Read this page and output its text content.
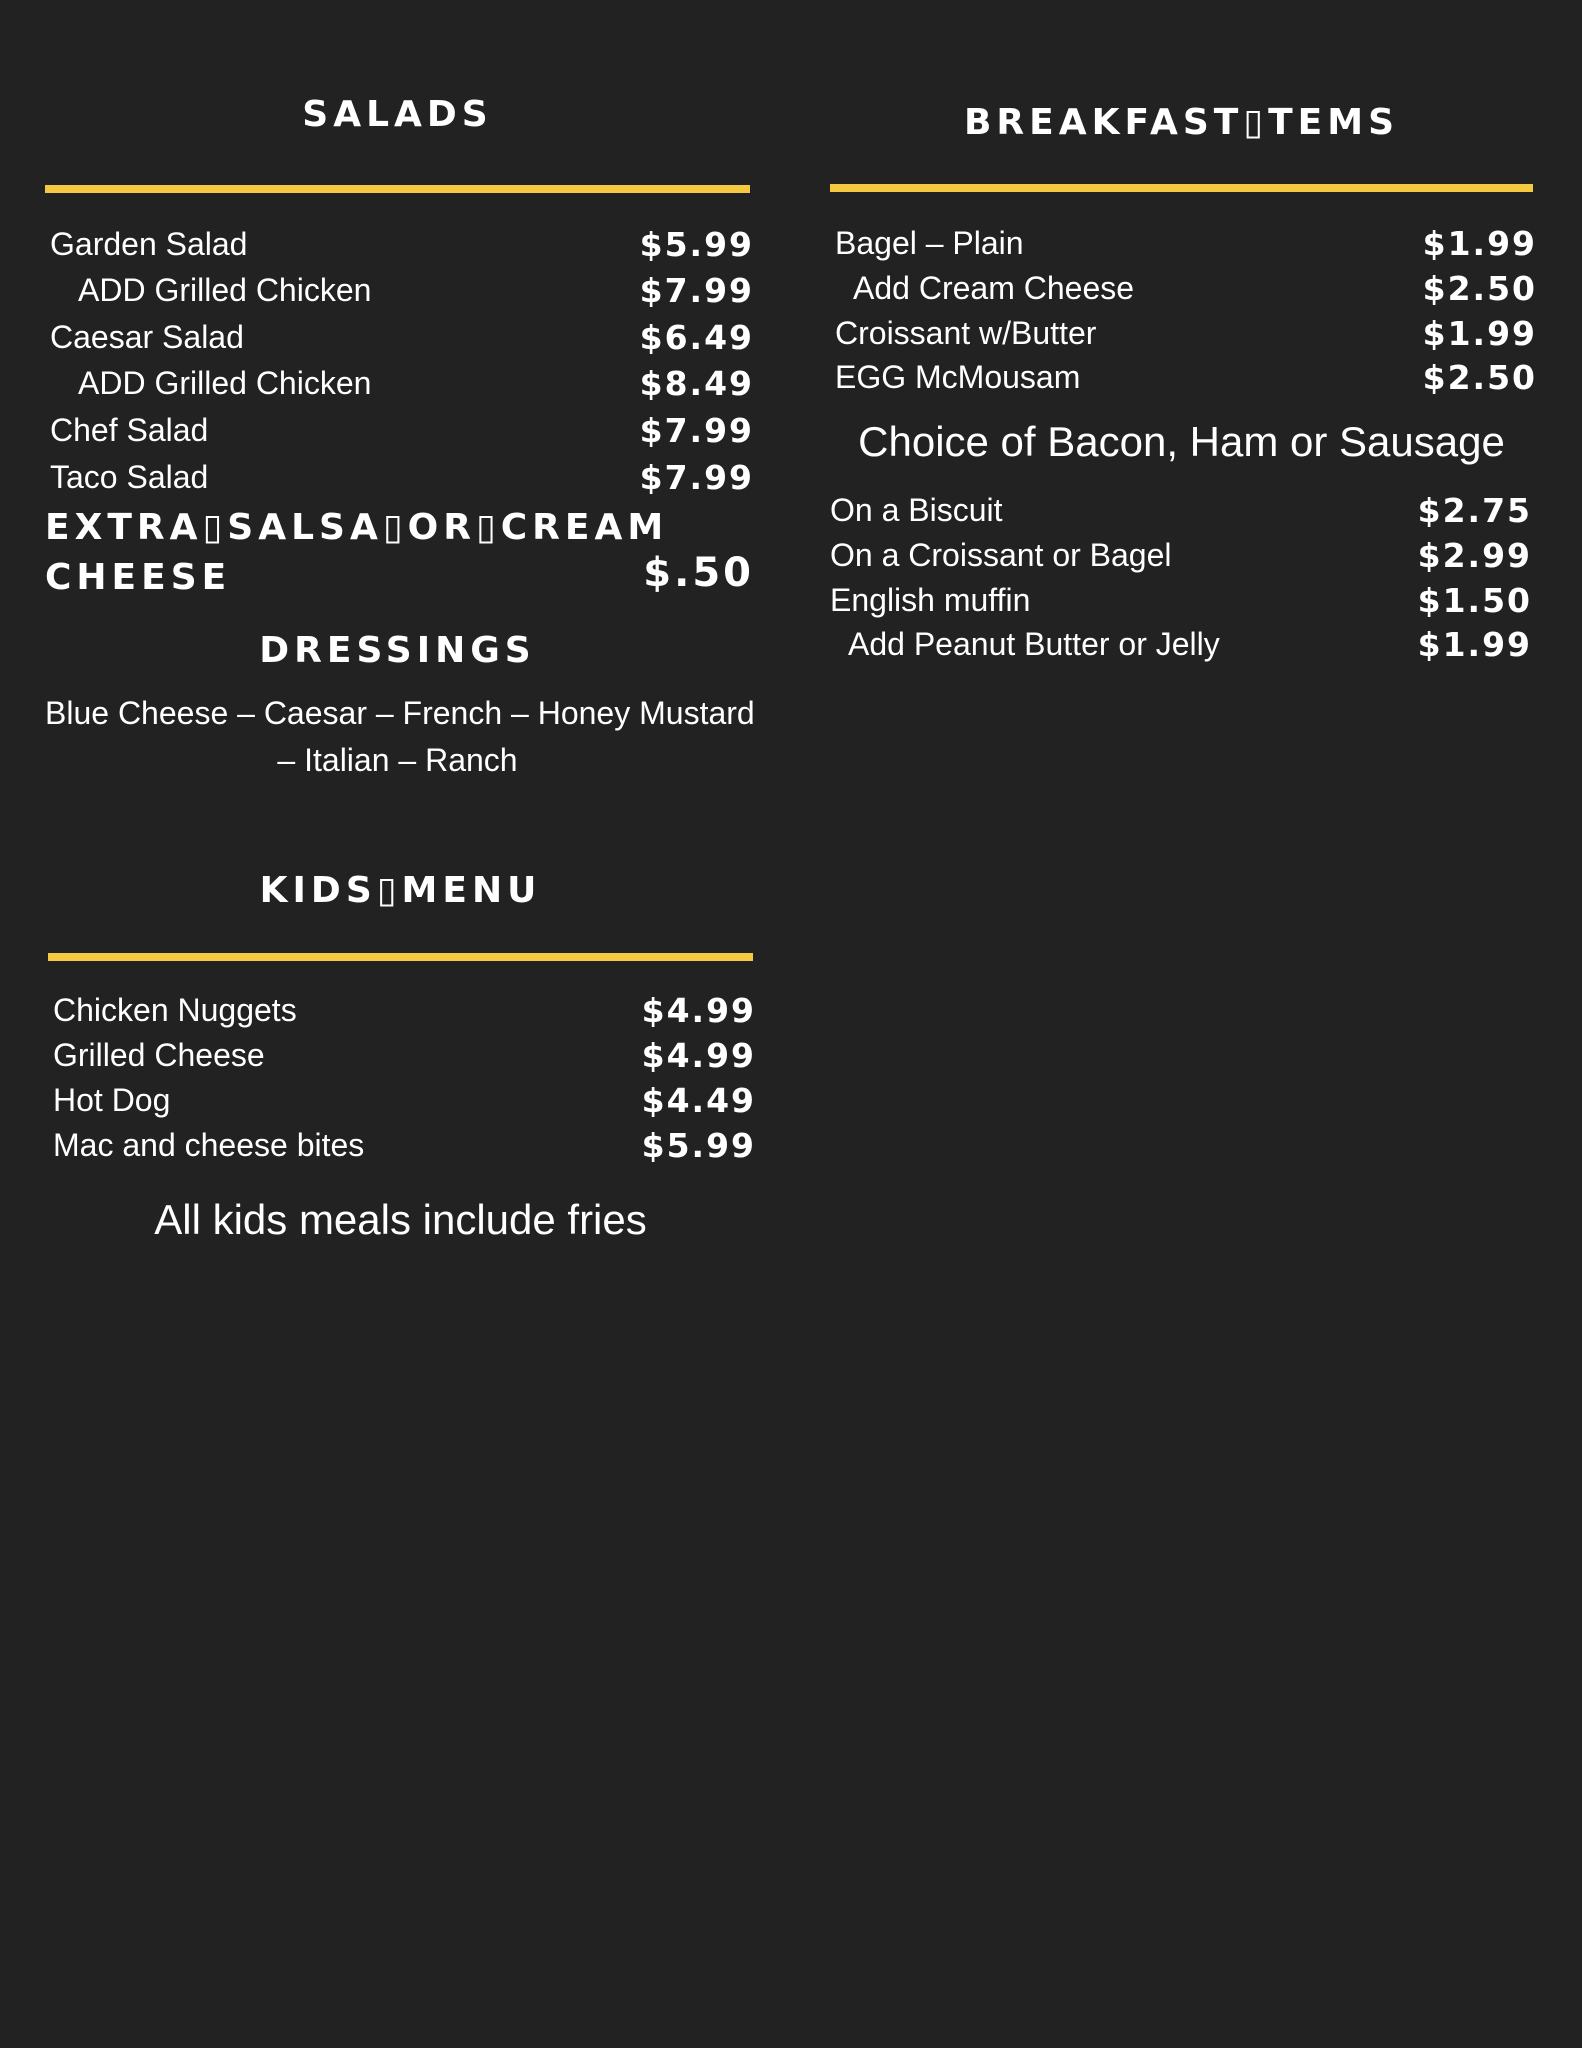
SALADS
Garden Salad	$5.99
ADD Grilled Chicken	$7.99
Caesar Salad	$6.49
ADD Grilled Chicken	$8.49
Chef Salad	$7.99
Taco Salad	$7.99
EXTRA▯SALSA▯OR▯CREAM
CHEESE	$.50
DRESSINGS
Blue Cheese – Caesar – French – Honey Mustard
– Italian – Ranch
KIDS▯MENU
Chicken Nuggets	$4.99
Grilled Cheese	$4.99
Hot Dog	$4.49
Mac and cheese bites	$5.99
All kids meals include fries
BREAKFAST▯TEMS
Bagel – Plain	$1.99
Add Cream Cheese	$2.50
Croissant w/Butter	$1.99
EGG McMousam	$2.50
Choice of Bacon, Ham or Sausage
On a Biscuit	$2.75
On a Croissant or Bagel	$2.99
English muffin	$1.50
Add Peanut Butter or Jelly	$1.99
